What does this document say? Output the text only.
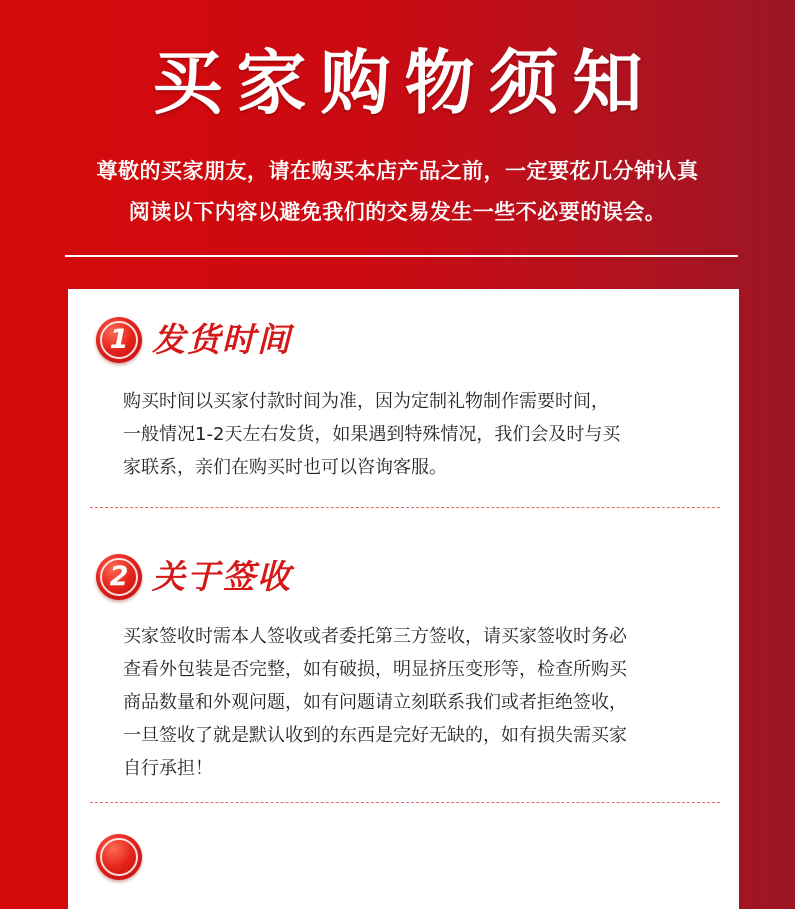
买家购物须知
尊敬的买家朋友，请在购买本店产品之前，一定要花几分钟认真
阅读以下内容以避免我们的交易发生一些不必要的误会。
1 发货时间
购买时间以买家付款时间为准，因为定制礼物制作需要时间，
一般情况1-2天左右发货，如果遇到特殊情况，我们会及时与买
家联系，亲们在购买时也可以咨询客服。
2 关于签收
买家签收时需本人签收或者委托第三方签收，请买家签收时务必
查看外包装是否完整，如有破损，明显挤压变形等，检查所购买
商品数量和外观问题，如有问题请立刻联系我们或者拒绝签收，
一旦签收了就是默认收到的东西是完好无缺的，如有损失需买家
自行承担！
